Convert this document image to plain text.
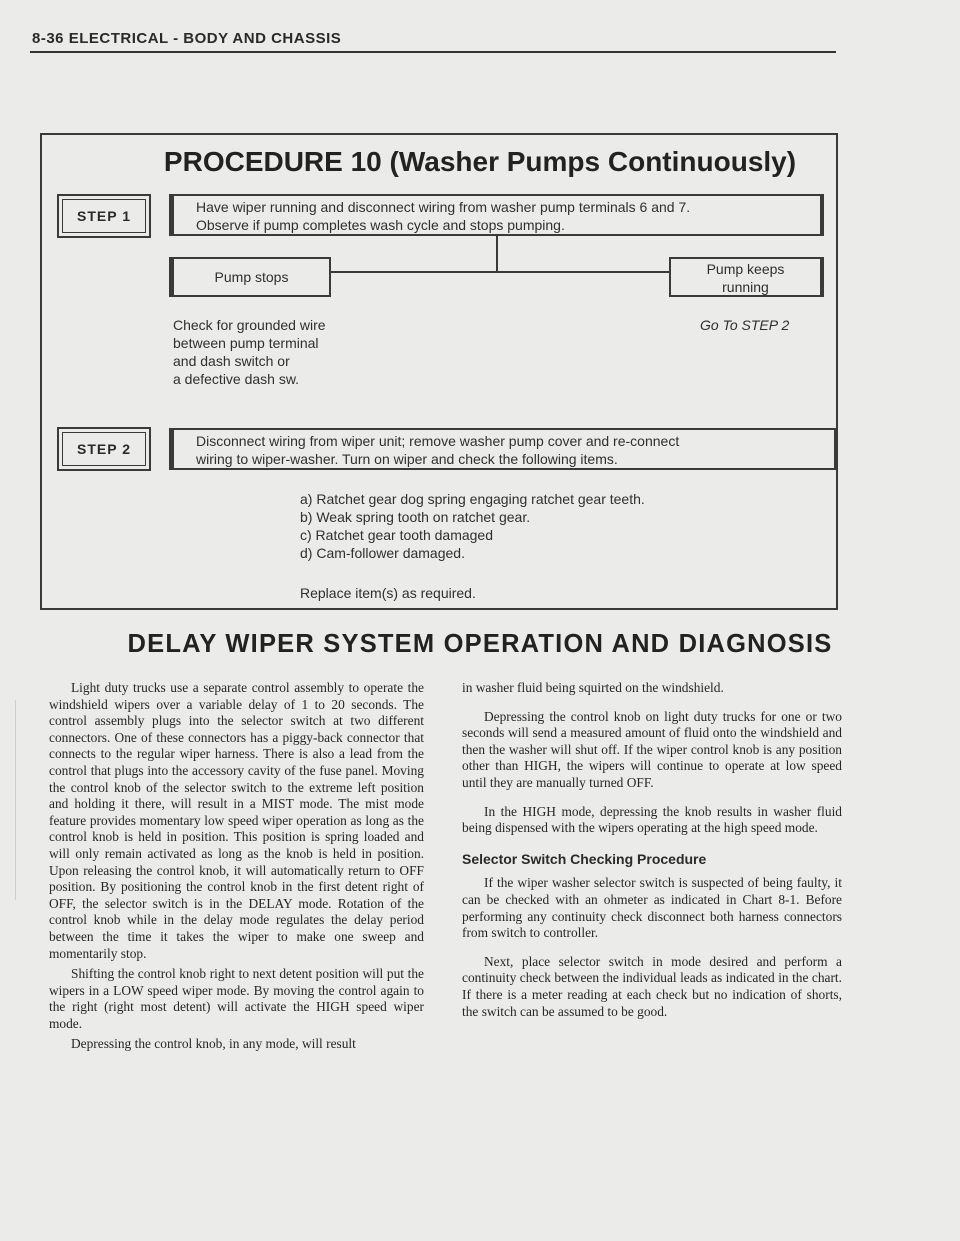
8-36 ELECTRICAL - BODY AND CHASSIS
PROCEDURE 10 (Washer Pumps Continuously)
STEP 1
Have wiper running and disconnect wiring from washer pump terminals 6 and 7.
Observe if pump completes wash cycle and stops pumping.
Pump stops	Pump keeps
running
Check for grounded wire
between pump terminal
and dash switch or
a defective dash sw.
Go To STEP 2
STEP 2	Disconnect wiring from wiper unit; remove washer pump cover and re-connect
wiring to wiper-washer. Turn on wiper and check the following items.
a) Ratchet gear dog spring engaging ratchet gear teeth.
b) Weak spring tooth on ratchet gear.
c) Ratchet gear tooth damaged
d) Cam-follower damaged.
Replace item(s) as required.
DELAY WIPER SYSTEM OPERATION AND DIAGNOSIS

Light duty trucks use a separate control assembly to operate the windshield wipers over a variable delay of 1 to 20 seconds. The control assembly plugs into the selector switch at two different connectors. One of these connectors has a piggy-back connector that connects to the regular wiper harness. There is also a lead from the control that plugs into the accessory cavity of the fuse panel. Moving the control knob of the selector switch to the extreme left position and holding it there, will result in a MIST mode. The mist mode feature provides momentary low speed wiper operation as long as the control knob is held in position. This position is spring loaded and will only remain activated as long as the knob is held in position. Upon releasing the control knob, it will automatically return to OFF position. By positioning the control knob in the first detent right of OFF, the selector switch is in the DELAY mode. Rotation of the control knob while in the delay mode regulates the delay period between the time it takes the wiper to make one sweep and momentarily stop.

Shifting the control knob right to next detent position will put the wipers in a LOW speed wiper mode. By moving the control again to the right (right most detent) will activate the HIGH speed wiper mode.

Depressing the control knob, in any mode, will result

in washer fluid being squirted on the windshield.

Depressing the control knob on light duty trucks for one or two seconds will send a measured amount of fluid onto the windshield and then the washer will shut off. If the wiper control knob is any position other than HIGH, the wipers will continue to operate at low speed until they are manually turned OFF.

In the HIGH mode, depressing the knob results in washer fluid being dispensed with the wipers operating at the high speed mode.

Selector Switch Checking Procedure

If the wiper washer selector switch is suspected of being faulty, it can be checked with an ohmeter as indicated in Chart 8-1. Before performing any continuity check disconnect both harness connectors from switch to controller.

Next, place selector switch in mode desired and perform a continuity check between the individual leads as indicated in the chart. If there is a meter reading at each check but no indication of shorts, the switch can be assumed to be good.
